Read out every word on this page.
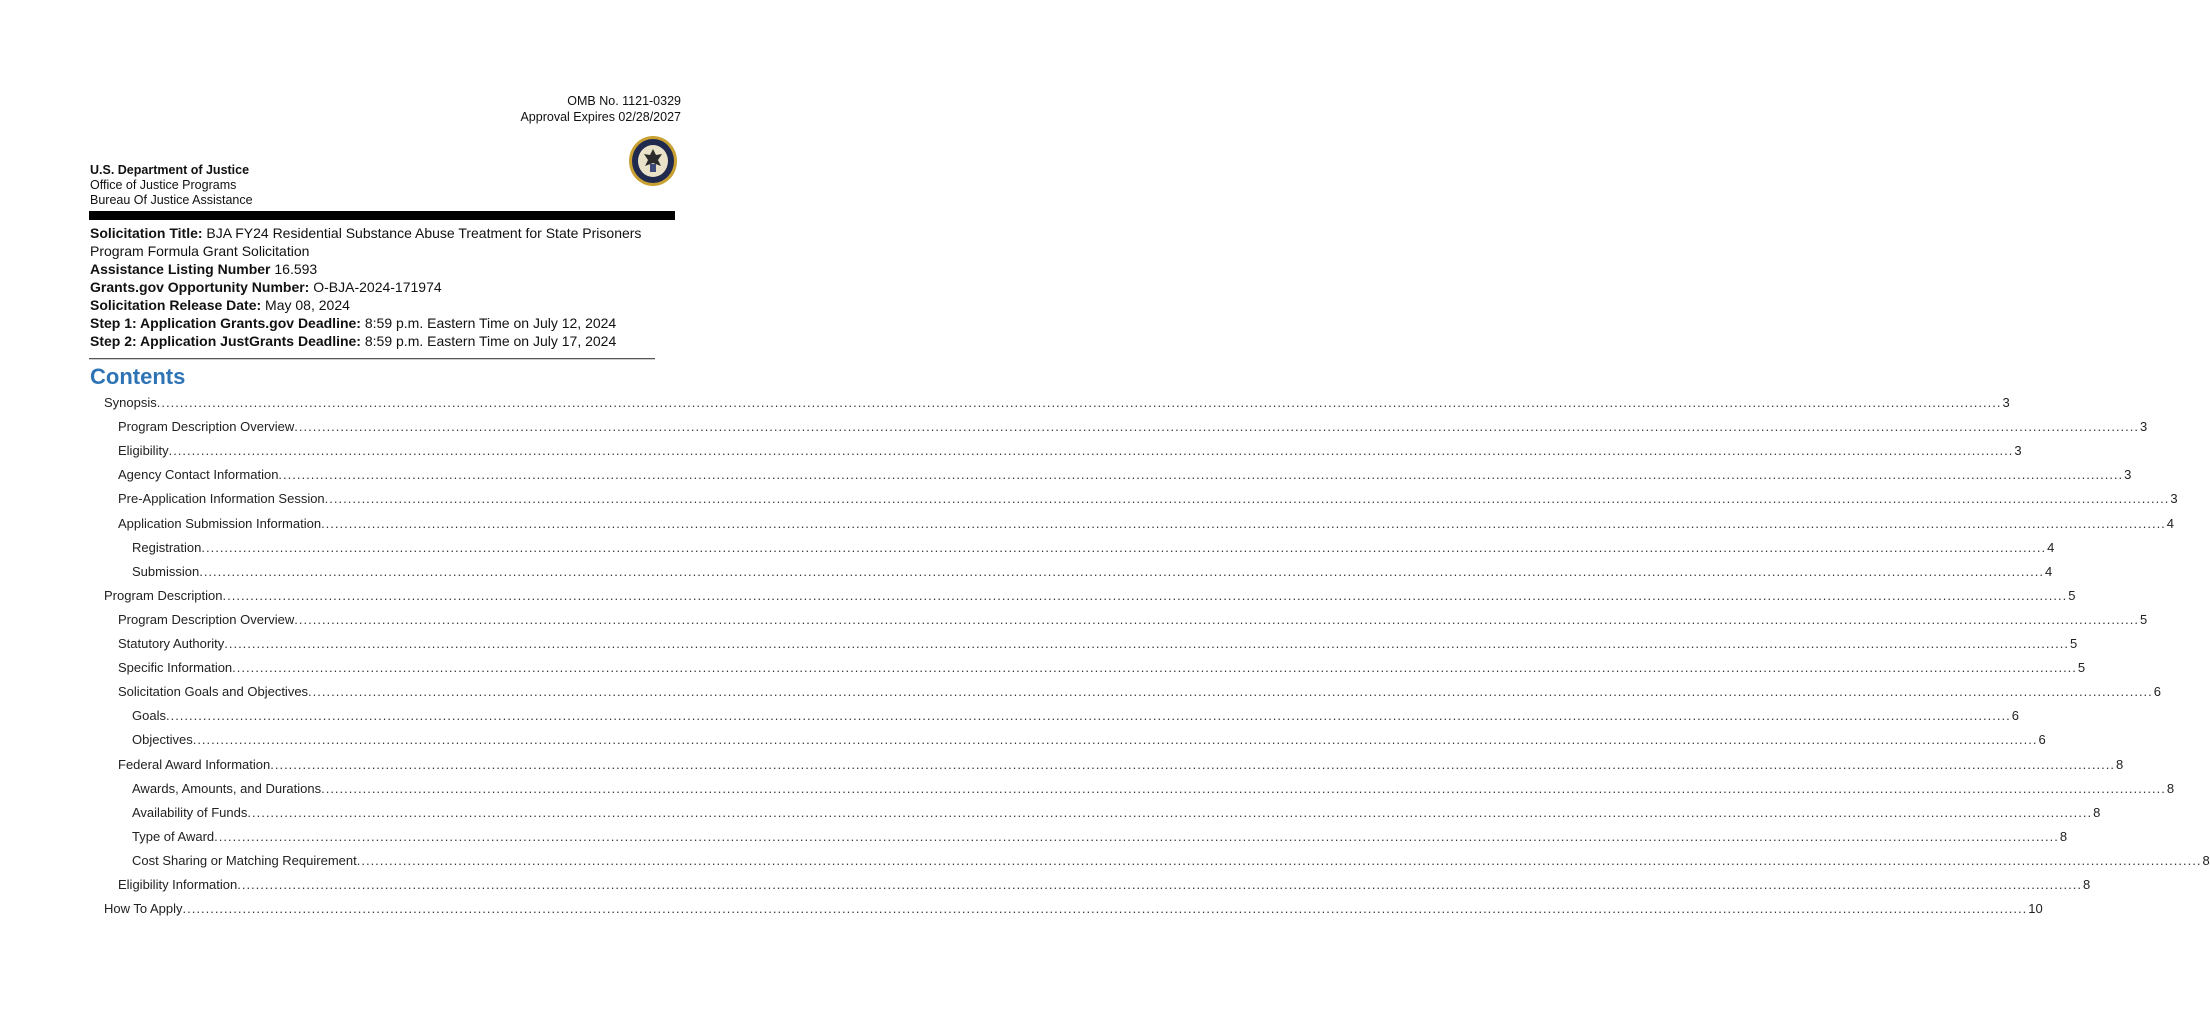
OMB No. 1121-0329
Approval Expires 02/28/2027
U.S. Department of Justice
Office of Justice Programs
Bureau Of Justice Assistance
Solicitation Title: BJA FY24 Residential Substance Abuse Treatment for State Prisoners Program Formula Grant Solicitation
Assistance Listing Number 16.593
Grants.gov Opportunity Number: O-BJA-2024-171974
Solicitation Release Date: May 08, 2024
Step 1: Application Grants.gov Deadline: 8:59 p.m. Eastern Time on July 12, 2024
Step 2: Application JustGrants Deadline: 8:59 p.m. Eastern Time on July 17, 2024
Contents
Synopsis ................................................................................................................................................................................................................................................................................................................................................................................................................ 3
Program Description Overview ................................................................................................................................................................................................................................................................................................................................................................................................................ 3
Eligibility ................................................................................................................................................................................................................................................................................................................................................................................................................ 3
Agency Contact Information ................................................................................................................................................................................................................................................................................................................................................................................................................ 3
Pre-Application Information Session ................................................................................................................................................................................................................................................................................................................................................................................................................ 3
Application Submission Information ................................................................................................................................................................................................................................................................................................................................................................................................................ 4
Registration ................................................................................................................................................................................................................................................................................................................................................................................................................ 4
Submission ................................................................................................................................................................................................................................................................................................................................................................................................................ 4
Program Description ................................................................................................................................................................................................................................................................................................................................................................................................................ 5
Program Description Overview ................................................................................................................................................................................................................................................................................................................................................................................................................ 5
Statutory Authority ................................................................................................................................................................................................................................................................................................................................................................................................................ 5
Specific Information ................................................................................................................................................................................................................................................................................................................................................................................................................ 5
Solicitation Goals and Objectives ................................................................................................................................................................................................................................................................................................................................................................................................................ 6
Goals ................................................................................................................................................................................................................................................................................................................................................................................................................ 6
Objectives ................................................................................................................................................................................................................................................................................................................................................................................................................ 6
Federal Award Information ................................................................................................................................................................................................................................................................................................................................................................................................................ 8
Awards, Amounts, and Durations ................................................................................................................................................................................................................................................................................................................................................................................................................ 8
Availability of Funds ................................................................................................................................................................................................................................................................................................................................................................................................................ 8
Type of Award ................................................................................................................................................................................................................................................................................................................................................................................................................ 8
Cost Sharing or Matching Requirement ................................................................................................................................................................................................................................................................................................................................................................................................................ 8
Eligibility Information ................................................................................................................................................................................................................................................................................................................................................................................................................ 8
How To Apply ................................................................................................................................................................................................................................................................................................................................................................................................................ 10
